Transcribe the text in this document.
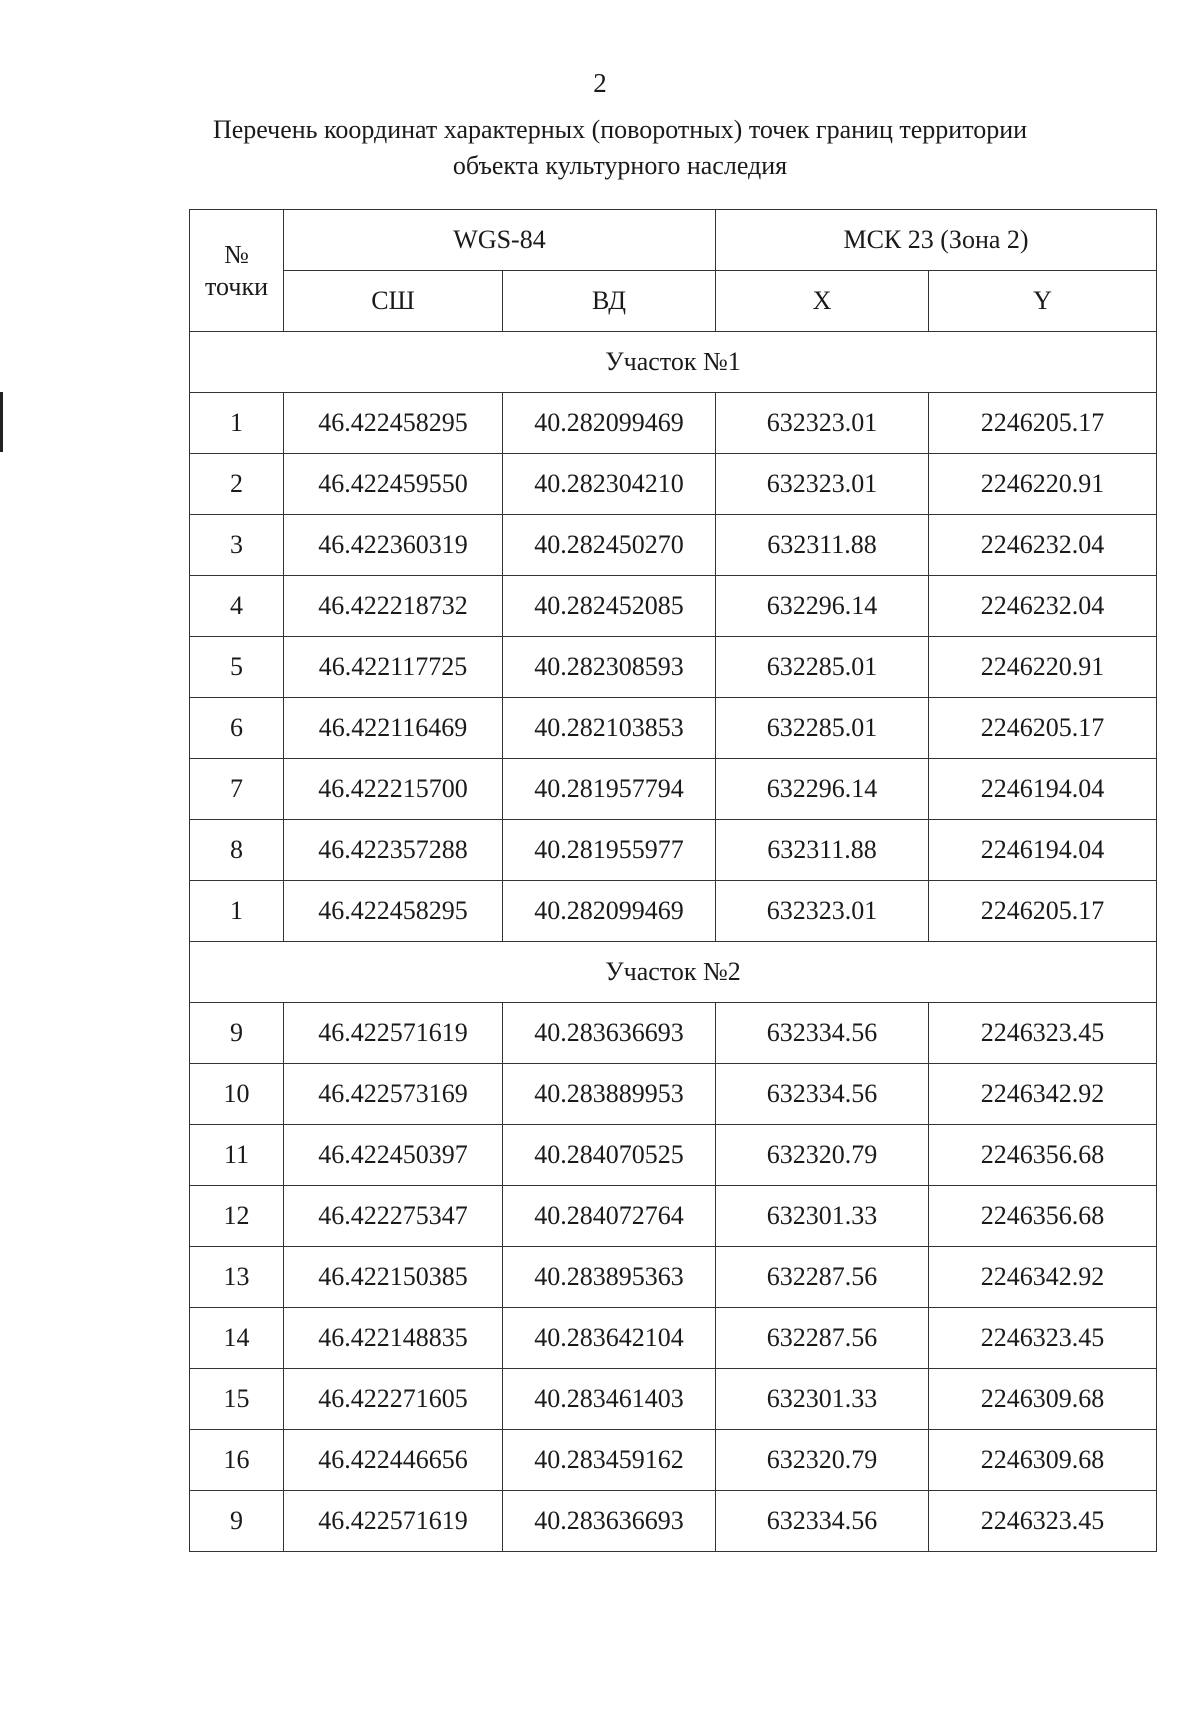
2
Перечень координат характерных (поворотных) точек границ территории
объекта культурного наследия
№
точки	WGS-84		МСК 23 (Зона 2)	
	СШ	ВД	X	Y
Участок №1				
1	46.422458295	40.282099469	632323.01	2246205.17
2	46.422459550	40.282304210	632323.01	2246220.91
3	46.422360319	40.282450270	632311.88	2246232.04
4	46.422218732	40.282452085	632296.14	2246232.04
5	46.422117725	40.282308593	632285.01	2246220.91
6	46.422116469	40.282103853	632285.01	2246205.17
7	46.422215700	40.281957794	632296.14	2246194.04
8	46.422357288	40.281955977	632311.88	2246194.04
1	46.422458295	40.282099469	632323.01	2246205.17
Участок №2				
9	46.422571619	40.283636693	632334.56	2246323.45
10	46.422573169	40.283889953	632334.56	2246342.92
11	46.422450397	40.284070525	632320.79	2246356.68
12	46.422275347	40.284072764	632301.33	2246356.68
13	46.422150385	40.283895363	632287.56	2246342.92
14	46.422148835	40.283642104	632287.56	2246323.45
15	46.422271605	40.283461403	632301.33	2246309.68
16	46.422446656	40.283459162	632320.79	2246309.68
9	46.422571619	40.283636693	632334.56	2246323.45
